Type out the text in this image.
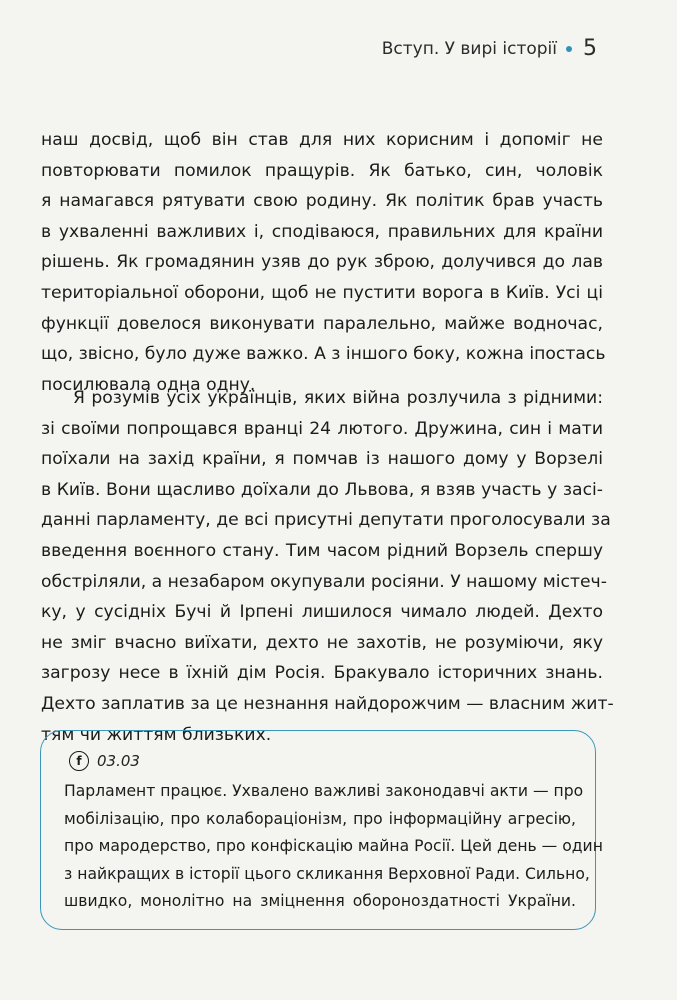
Вступ. У вирі історії 5
наш досвід, щоб він став для них корисним і допоміг не
повторювати помилок пращурів. Як батько, син, чоловік
я намагався рятувати свою родину. Як політик брав участь
в ухваленні важливих і, сподіваюся, правильних для країни
рішень. Як громадянин узяв до рук зброю, долучився до лав
територіальної оборони, щоб не пустити ворога в Київ. Усі ці
функції довелося виконувати паралельно, майже водночас,
що, звісно, було дуже важко. А з іншого боку, кожна іпостась
посилювала одна одну.
Я розумів усіх українців, яких війна розлучила з рідними:
зі своїми попрощався вранці 24 лютого. Дружина, син і мати
поїхали на захід країни, я помчав із нашого дому у Ворзелі
в Київ. Вони щасливо доїхали до Львова, я взяв участь у засі-
данні парламенту, де всі присутні депутати проголосували за
введення воєнного стану. Тим часом рідний Ворзель спершу
обстріляли, а незабаром окупували росіяни. У нашому містеч-
ку, у сусідніх Бучі й Ірпені лишилося чимало людей. Дехто
не зміг вчасно виїхати, дехто не захотів, не розуміючи, яку
загрозу несе в їхній дім Росія. Бракувало історичних знань.
Дехто заплатив за це незнання найдорожчим — власним жит-
тям чи життям близьких.
f	03.03
Парламент працює. Ухвалено важливі законодавчі акти — про
мобілізацію, про колабораціонізм, про інформаційну агресію,
про мародерство, про конфіскацію майна Росії. Цей день — один
з найкращих в історії цього скликання Верховної Ради. Сильно,
швидко, монолітно на зміцнення обороноздатності України.
